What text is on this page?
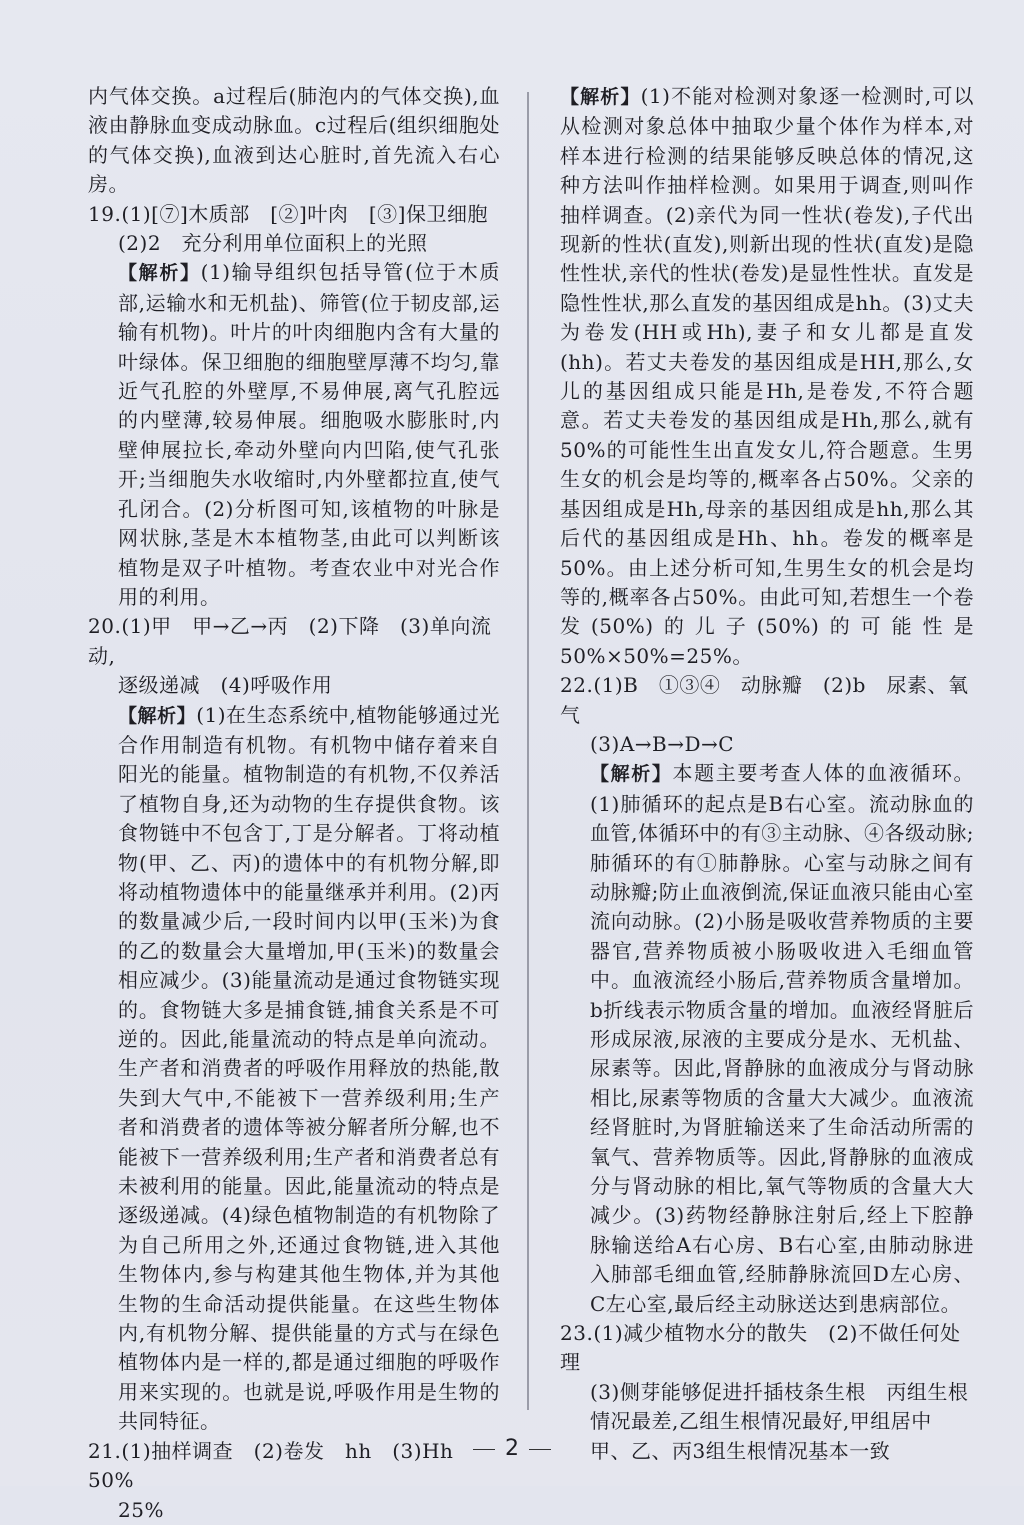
内气体交换。a过程后(肺泡内的气体交换),血液由静脉血变成动脉血。c过程后(组织细胞处的气体交换),血液到达心脏时,首先流入右心房。

19.(1)[⑦]木质部　[②]叶肉　[③]保卫细胞

(2)2　充分利用单位面积上的光照

【解析】(1)输导组织包括导管(位于木质部,运输水和无机盐)、筛管(位于韧皮部,运输有机物)。叶片的叶肉细胞内含有大量的叶绿体。保卫细胞的细胞壁厚薄不均匀,靠近气孔腔的外壁厚,不易伸展,离气孔腔远的内壁薄,较易伸展。细胞吸水膨胀时,内壁伸展拉长,牵动外壁向内凹陷,使气孔张开;当细胞失水收缩时,内外壁都拉直,使气孔闭合。(2)分析图可知,该植物的叶脉是网状脉,茎是木本植物茎,由此可以判断该植物是双子叶植物。考查农业中对光合作用的利用。

20.(1)甲　甲→乙→丙　(2)下降　(3)单向流动,

逐级递减　(4)呼吸作用

【解析】(1)在生态系统中,植物能够通过光合作用制造有机物。有机物中储存着来自阳光的能量。植物制造的有机物,不仅养活了植物自身,还为动物的生存提供食物。该食物链中不包含丁,丁是分解者。丁将动植物(甲、乙、丙)的遗体中的有机物分解,即将动植物遗体中的能量继承并利用。(2)丙的数量减少后,一段时间内以甲(玉米)为食的乙的数量会大量增加,甲(玉米)的数量会相应减少。(3)能量流动是通过食物链实现的。食物链大多是捕食链,捕食关系是不可逆的。因此,能量流动的特点是单向流动。生产者和消费者的呼吸作用释放的热能,散失到大气中,不能被下一营养级利用;生产者和消费者的遗体等被分解者所分解,也不能被下一营养级利用;生产者和消费者总有未被利用的能量。因此,能量流动的特点是逐级递减。(4)绿色植物制造的有机物除了为自己所用之外,还通过食物链,进入其他生物体内,参与构建其他生物体,并为其他生物的生命活动提供能量。在这些生物体内,有机物分解、提供能量的方式与在绿色植物体内是一样的,都是通过细胞的呼吸作用来实现的。也就是说,呼吸作用是生物的共同特征。

21.(1)抽样调查　(2)卷发　hh　(3)Hh　50%

25%

【解析】(1)不能对检测对象逐一检测时,可以从检测对象总体中抽取少量个体作为样本,对样本进行检测的结果能够反映总体的情况,这种方法叫作抽样检测。如果用于调查,则叫作抽样调查。(2)亲代为同一性状(卷发),子代出现新的性状(直发),则新出现的性状(直发)是隐性性状,亲代的性状(卷发)是显性性状。直发是隐性性状,那么直发的基因组成是hh。(3)丈夫为卷发(HH或Hh),妻子和女儿都是直发(hh)。若丈夫卷发的基因组成是HH,那么,女儿的基因组成只能是Hh,是卷发,不符合题意。若丈夫卷发的基因组成是Hh,那么,就有50%的可能性生出直发女儿,符合题意。生男生女的机会是均等的,概率各占50%。父亲的基因组成是Hh,母亲的基因组成是hh,那么其后代的基因组成是Hh、hh。卷发的概率是50%。由上述分析可知,生男生女的机会是均等的,概率各占50%。由此可知,若想生一个卷发(50%)的儿子(50%)的可能性是50%×50%=25%。

22.(1)B　①③④　动脉瓣　(2)b　尿素、氧气

(3)A→B→D→C

【解析】本题主要考查人体的血液循环。(1)肺循环的起点是B右心室。流动脉血的血管,体循环中的有③主动脉、④各级动脉;肺循环的有①肺静脉。心室与动脉之间有动脉瓣;防止血液倒流,保证血液只能由心室流向动脉。(2)小肠是吸收营养物质的主要器官,营养物质被小肠吸收进入毛细血管中。血液流经小肠后,营养物质含量增加。b折线表示物质含量的增加。血液经肾脏后形成尿液,尿液的主要成分是水、无机盐、尿素等。因此,肾静脉的血液成分与肾动脉相比,尿素等物质的含量大大减少。血液流经肾脏时,为肾脏输送来了生命活动所需的氧气、营养物质等。因此,肾静脉的血液成分与肾动脉的相比,氧气等物质的含量大大减少。(3)药物经静脉注射后,经上下腔静脉输送给A右心房、B右心室,由肺动脉进入肺部毛细血管,经肺静脉流回D左心房、C左心室,最后经主动脉送达到患病部位。

23.(1)减少植物水分的散失　(2)不做任何处理

(3)侧芽能够促进扦插枝条生根　丙组生根情况最差,乙组生根情况最好,甲组居中　甲、乙、丙3组生根情况基本一致

2
